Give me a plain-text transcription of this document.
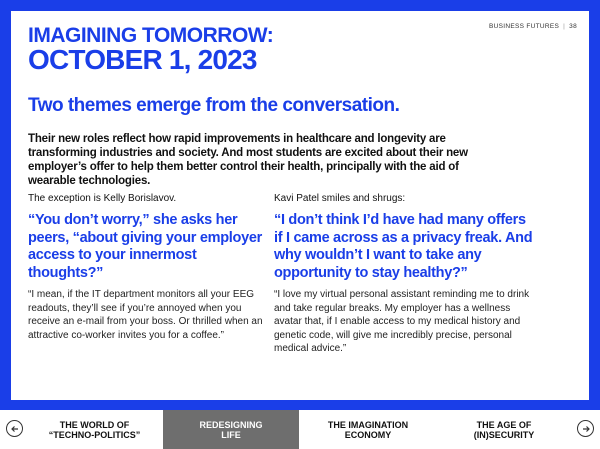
BUSINESS FUTURES | 38
IMAGINING TOMORROW:
OCTOBER 1, 2023
Two themes emerge from the conversation.
Their new roles reflect how rapid improvements in healthcare and longevity are transforming industries and society. And most students are excited about their new employer’s offer to help them better control their health, principally with the aid of wearable technologies.

The exception is Kelly Borislavov.

“You don’t worry,” she asks her peers, “about giving your employer access to your innermost thoughts?”

“I mean, if the IT department monitors all your EEG readouts, they’ll see if you’re annoyed when you receive an e-mail from your boss. Or thrilled when an attractive co-worker invites you for a coffee.”

Kavi Patel smiles and shrugs:

“I don’t think I’d have had many offers if I came across as a privacy freak. And why wouldn’t I want to take any opportunity to stay healthy?”

“I love my virtual personal assistant reminding me to drink and take regular breaks. My employer has a wellness avatar that, if I enable access to my medical history and genetic code, will give me incredibly precise, personal medical advice.”

THE WORLD OF
“TECHNO-POLITICS”
REDESIGNING
LIFE
THE IMAGINATION
ECONOMY
THE AGE OF
(IN)SECURITY
